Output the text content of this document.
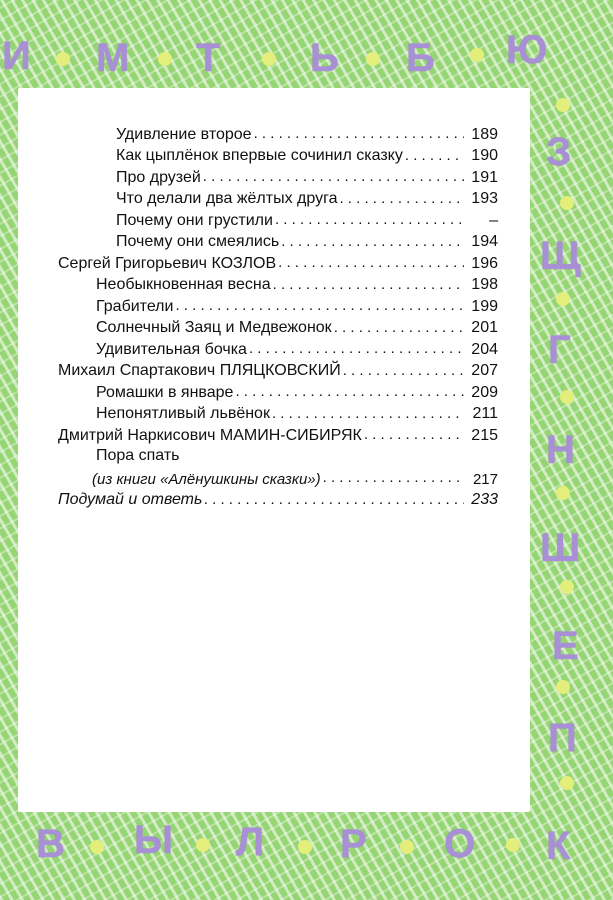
И М Т Ь Б Ю
З
Щ
Г
Н
Ш
Е
П
К
В Ы Л Р О
Удивление второе . . .	189
Как цыплёнок впервые сочинил сказку . . .	190
Про друзей . . .	191
Что делали два жёлтых друга . . .	193
Почему они грустили . . .	–
Почему они смеялись . . .	194
Сергей Григорьевич КОЗЛОВ . . .	196
Необыкновенная весна . . .	198
Грабители . . .	199
Солнечный Заяц и Медвежонок . . .	201
Удивительная бочка . . .	204
Михаил Спартакович ПЛЯЦКОВСКИЙ . . .	207
Ромашки в январе . . .	209
Непонятливый львёнок . . .	211
Дмитрий Наркисович МАМИН-СИБИРЯК . . .	215
Пора спать
(из книги «Алёнушкины сказки») . . .	217
Подумай и ответь . . .	233
